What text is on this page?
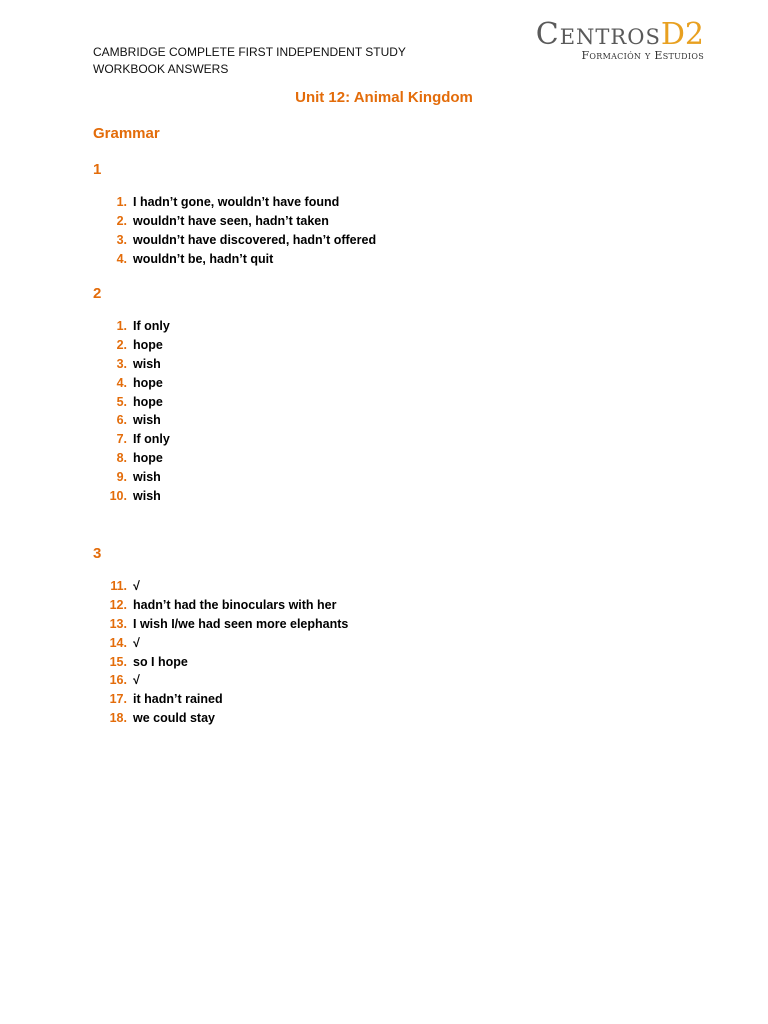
CAMBRIDGE COMPLETE FIRST INDEPENDENT STUDY
WORKBOOK ANSWERS
CentrosD2
Formación y Estudios
Unit 12: Animal Kingdom
Grammar
1
1. I hadn’t gone, wouldn’t have found
2. wouldn’t have seen, hadn’t taken
3. wouldn’t have discovered, hadn’t offered
4. wouldn’t be, hadn’t quit
2
1. If only
2. hope
3. wish
4. hope
5. hope
6. wish
7. If only
8. hope
9. wish
10. wish
3
11. √
12. hadn’t had the binoculars with her
13. I wish I/we had seen more elephants
14. √
15. so I hope
16. √
17. it hadn’t rained
18. we could stay
